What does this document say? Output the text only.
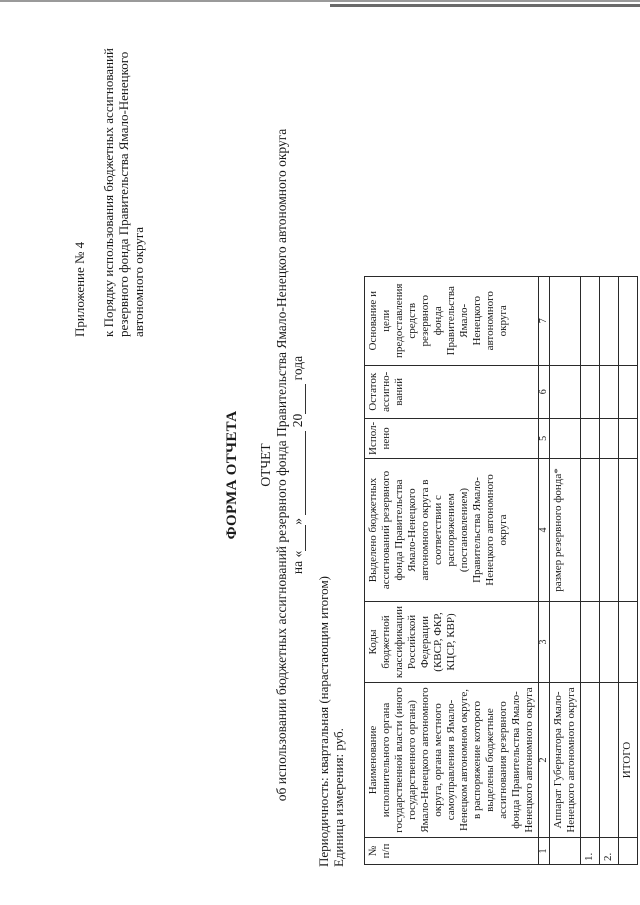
Приложение № 4 к Порядку использования бюджетных ассигнований резервного фонда Правительства Ямало-Ненецкого автономного округа
ФОРМА ОТЧЕТА ОТЧЕТ об использовании бюджетных ассигнований резервного фонда Правительства Ямало-Ненецкого автономного округа на «»  20 года
Периодичность: квартальная (нарастающим итогом) Единица измерения: руб. № п/п	Наименование исполнительного органа государственной власти (иного государственного органа) Ямало-Ненецкого автономного округа, органа местного самоуправления в Ямало-Ненецком автономном округе, в распоряжение которого выделены бюджетные ассигнования резервного фонда Правительства Ямало-Ненецкого автономного округа	Коды бюджетной классификации Российской Федерации (КВСР, ФКР, КЦСР, КВР)	Выделено бюджетных ассигнований резервного фонда Правительства Ямало-Ненецкого автономного округа в соответствии с распоряжением (постановлением) Правительства Ямало-Ненецкого автономного округа	Испол-нено	Остаток ассигно-ваний	Основание и цели предоставления средств резервного фонда Правительства Ямало-Ненецкого автономного округа
1	2	3	4	5	6	7
	Аппарат Губернатора Ямало-Ненецкого автономного округа		размер резервного фонда*			
1.						
2.						
	ИТОГО					
